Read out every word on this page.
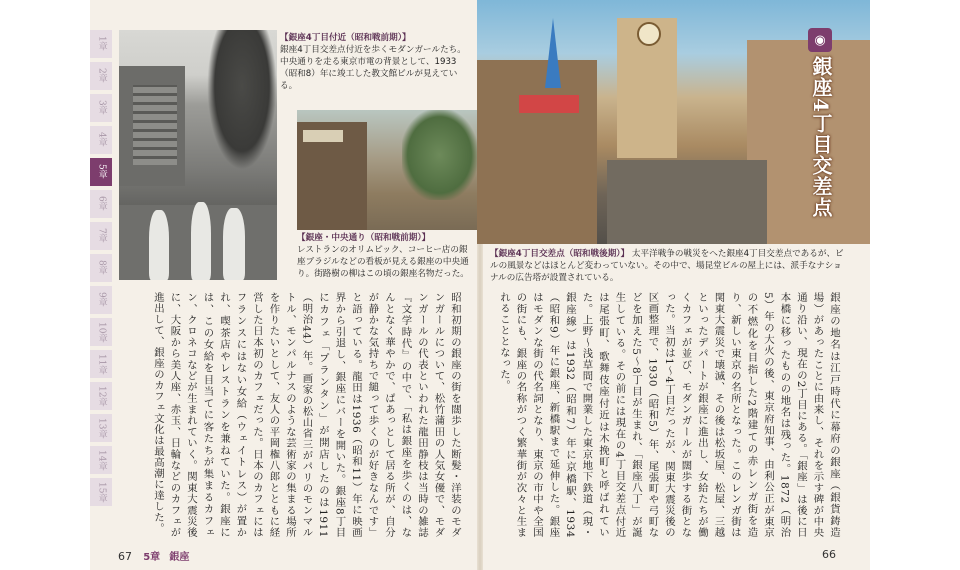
1章
2章
3章
4章
5章
6章
7章
8章
9章
10章
11章
12章
13章
14章
15章
【銀座4丁目付近（昭和戦前期）】
銀座4丁目交差点付近を歩くモダンガールたち。中央通りを走る東京市電の背景として、1933（昭和8）年に竣工した教文館ビルが見えている。
【銀座・中央通り（昭和戦前期）】
レストランのオリムピック、コーヒー店の銀座ブラジルなどの看板が見える銀座の中央通り。街路樹の柳はこの頃の銀座名物だった。
◉
銀座4丁目交差点
【銀座4丁目交差点（昭和戦後期）】 太平洋戦争の戦災をへた銀座4丁目交差点であるが、ビルの風景などはほとんど変わっていない。その中で、場昆堂ビルの屋上には、派手なナショナルの広告塔が設置されている。
昭和初期の銀座の街を闊歩した断髪・洋装のモダンガールについて、松竹蒲田の人気女優で、モダンガールの代表といわれた龍田静枝は当時の雑誌『文学時代』の中で、「私は銀座を歩くのは、なんとなく華やかで、ぱあっとして居る所が、自分が静かな気持ちで縋って歩くのが好きなんです」と語っている。龍田は1936（昭和11）年に映画界から引退し、銀座にバーを開いた。銀座8丁目にカフェ「プランタン」が開店したのは1911（明治44）年。画家の松山省三がパリのモンマルトル、モンパルナスのような芸術家の集まる場所を作りたいとして、友人の平岡権八郎とともに経営した日本初のカフェだった。日本のカフェにはフランスにはない女給（ウェイトレス）が置かれ、喫茶店やレストランを兼ねていた。銀座には、この女給を目当てに客たちが集まるカフェン、クロネコなどが生まれていく。関東大震災後に、大阪から美人座、赤玉、日輪などのカフェが進出して、銀座のカフェ文化は最高潮に達した。	銀座の地名は江戸時代に幕府の銀座（銀貨鋳造場）があったことに由来し、それを示す碑が中央通り沿い、現在の2丁目にある。「銀座」は後に日本橋に移ったものの地名は残った。1872（明治5）年の大火の後、東京府知事、由利公正が東京の不燃化を目指した2階建ての赤レンガ街を造り、新しい東京の名所となった。このレンガ街は関東大震災で壊滅、その後は松坂屋、松屋、三越といったデパートが銀座に進出し、女給たちが働くカフェが並び、モダンガールが闊歩する街となった。当初は1～4丁目だったが、関東大震災後の区画整理で、1930（昭和5）年、尾張町や弓町などを加えた5～8丁目が生まれ、「銀座八丁」が誕生している。その前には現在の4丁目交差点付近は尾張町、歌舞伎座付近は木挽町と呼ばれていた。上野～浅草間で開業した東京地下鉄道（現・銀座線）は1932（昭和7）年に京橋駅、1934（昭和9）年に銀座、新橋駅まで延伸した。銀座はモダンな街の代名詞となり、東京の市中や全国の街にも、銀座の名称がつく繁華街が次々と生まれることとなった。
67 5章 銀座	66
